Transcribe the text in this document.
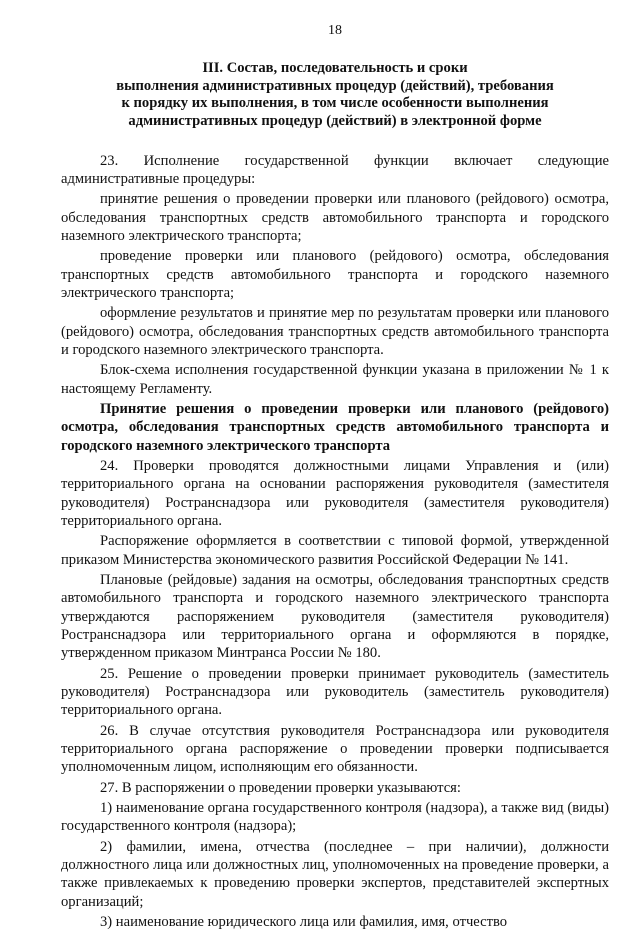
18
III. Состав, последовательность и сроки
выполнения административных процедур (действий), требования
к порядку их выполнения, в том числе особенности выполнения
административных процедур (действий) в электронной форме

23. Исполнение государственной функции включает следующие административные процедуры:

принятие решения о проведении проверки или планового (рейдового) осмотра, обследования транспортных средств автомобильного транспорта и городского наземного электрического транспорта;

проведение проверки или планового (рейдового) осмотра, обследования транспортных средств автомобильного транспорта и городского наземного электрического транспорта;

оформление результатов и принятие мер по результатам проверки или планового (рейдового) осмотра, обследования транспортных средств автомобильного транспорта и городского наземного электрического транспорта.

Блок-схема исполнения государственной функции указана в приложении № 1 к настоящему Регламенту.

Принятие решения о проведении проверки или планового (рейдового) осмотра, обследования транспортных средств автомобильного транспорта и городского наземного электрического транспорта

24. Проверки проводятся должностными лицами Управления и (или) территориального органа на основании распоряжения руководителя (заместителя руководителя) Ространснадзора или руководителя (заместителя руководителя) территориального органа.

Распоряжение оформляется в соответствии с типовой формой, утвержденной приказом Министерства экономического развития Российской Федерации № 141.

Плановые (рейдовые) задания на осмотры, обследования транспортных средств автомобильного транспорта и городского наземного электрического транспорта утверждаются распоряжением руководителя (заместителя руководителя) Ространснадзора или территориального органа и оформляются в порядке, утвержденном приказом Минтранса России № 180.

25. Решение о проведении проверки принимает руководитель (заместитель руководителя) Ространснадзора или руководитель (заместитель руководителя) территориального органа.

26. В случае отсутствия руководителя Ространснадзора или руководителя территориального органа распоряжение о проведении проверки подписывается уполномоченным лицом, исполняющим его обязанности.

27. В распоряжении о проведении проверки указываются:

1) наименование органа государственного контроля (надзора), а также вид (виды) государственного контроля (надзора);

2) фамилии, имена, отчества (последнее – при наличии), должности должностного лица или должностных лиц, уполномоченных на проведение проверки, а также привлекаемых к проведению проверки экспертов, представителей экспертных организаций;

3) наименование юридического лица или фамилия, имя, отчество
